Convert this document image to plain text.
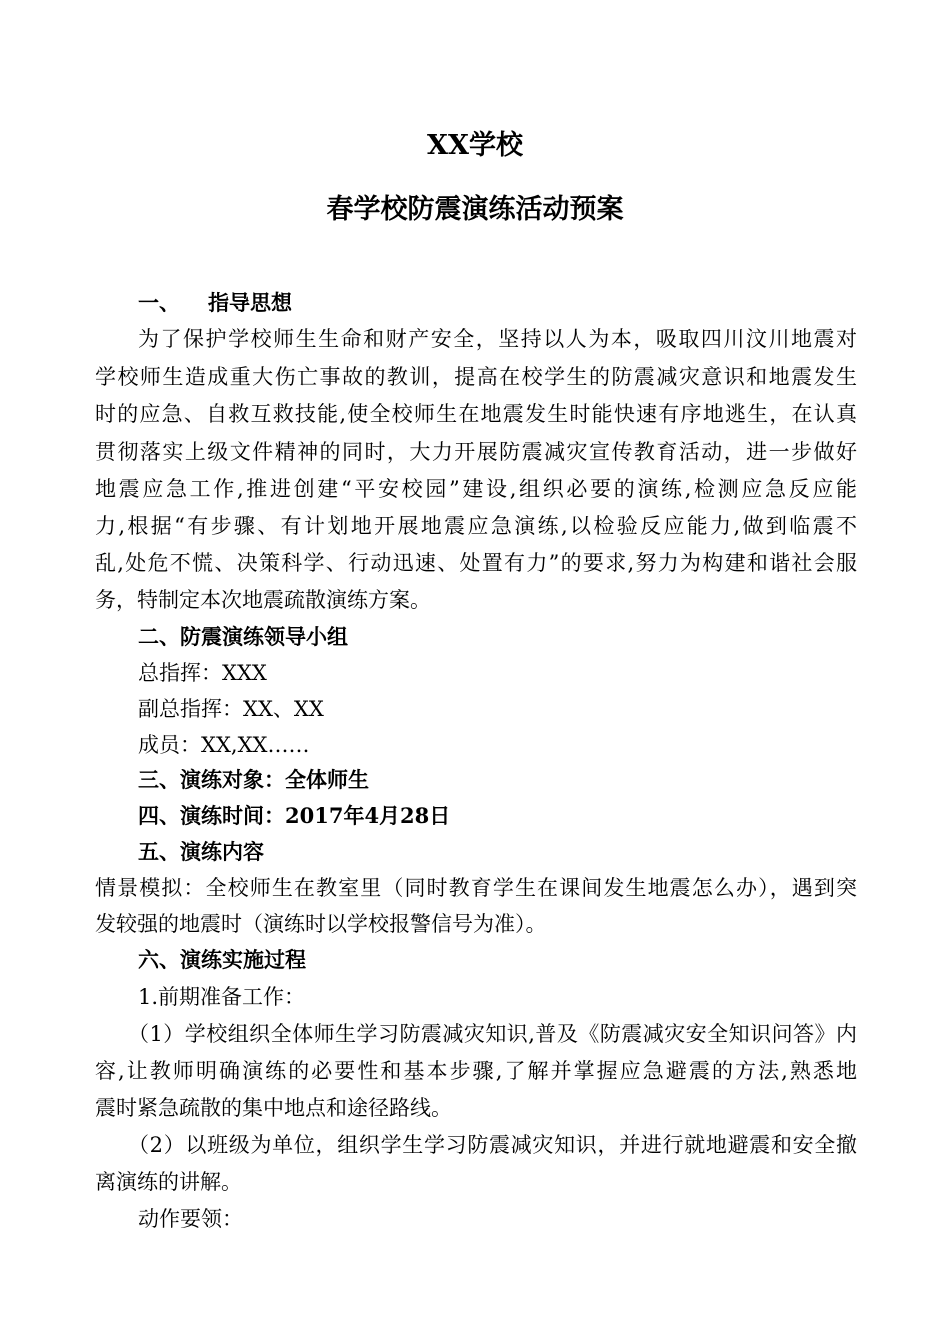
XX学校
春学校防震演练活动预案
一、 指导思想
为了保护学校师生生命和财产安全，坚持以人为本，吸取四川汶川地震对
学校师生造成重大伤亡事故的教训，提高在校学生的防震减灾意识和地震发生
时的应急、自救互救技能,使全校师生在地震发生时能快速有序地逃生，在认真
贯彻落实上级文件精神的同时，大力开展防震减灾宣传教育活动，进一步做好
地震应急工作,推进创建“平安校园”建设,组织必要的演练,检测应急反应能
力,根据“有步骤、有计划地开展地震应急演练,以检验反应能力,做到临震不
乱,处危不慌、决策科学、行动迅速、处置有力”的要求,努力为构建和谐社会服
务，特制定本次地震疏散演练方案。
二、防震演练领导小组
总指挥：XXX
副总指挥：XX、XX
成员：XX,XX……
三、演练对象：全体师生
四、演练时间：2017年4月28日
五、演练内容
情景模拟：全校师生在教室里（同时教育学生在课间发生地震怎么办），遇到突
发较强的地震时（演练时以学校报警信号为准）。
六、演练实施过程
1.前期准备工作：
（1）学校组织全体师生学习防震减灾知识,普及《防震减灾安全知识问答》内
容,让教师明确演练的必要性和基本步骤,了解并掌握应急避震的方法,熟悉地
震时紧急疏散的集中地点和途径路线。
（2）以班级为单位，组织学生学习防震减灾知识，并进行就地避震和安全撤
离演练的讲解。
动作要领：
